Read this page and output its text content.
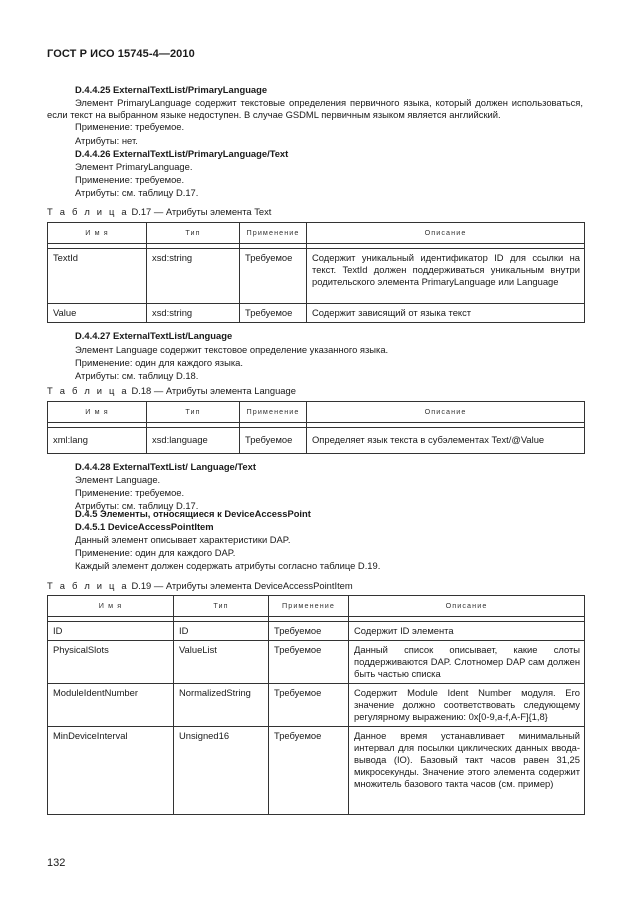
ГОСТ Р ИСО 15745-4—2010
D.4.4.25 ExternalTextList/PrimaryLanguage
Элемент PrimaryLanguage содержит текстовые определения первичного языка, который должен использоваться, если текст на выбранном языке недоступен. В случае GSDML первичным языком является английский.
Применение: требуемое.
Атрибуты: нет.
D.4.4.26 ExternalTextList/PrimaryLanguage/Text
Элемент PrimaryLanguage.
Применение: требуемое.
Атрибуты: см. таблицу D.17.
Т а б л и ц а D.17 — Атрибуты элемента Text
И м я	Тип	Применение	Описание

TextId	xsd:string	Требуемое	Содержит уникальный идентификатор ID для ссылки на текст. TextId должен поддерживаться уникальным внутри родительского элемента PrimaryLanguage или Language
Value	xsd:string	Требуемое	Содержит зависящий от языка текст
D.4.4.27 ExternalTextList/Language
Элемент Language содержит текстовое определение указанного языка.
Применение: один для каждого языка.
Атрибуты: см. таблицу D.18.
Т а б л и ц а D.18 — Атрибуты элемента Language
И м я	Тип	Применение	Описание

xml:lang	xsd:language	Требуемое	Определяет язык текста в субэлементах Text/@Value
D.4.4.28 ExternalTextList/ Language/Text
Элемент Language.
Применение: требуемое.
Атрибуты: см. таблицу D.17.
D.4.5 Элементы, относящиеся к DeviceAccessPoint
D.4.5.1 DeviceAccessPointItem
Данный элемент описывает характеристики DAP.
Применение: один для каждого DAP.
Каждый элемент должен содержать атрибуты согласно таблице D.19.
Т а б л и ц а D.19 — Атрибуты элемента DeviceAccessPointItem
И м я	Тип	Применение	Описание

ID	ID	Требуемое	Содержит ID элемента
PhysicalSlots	ValueList	Требуемое	Данный список описывает, какие слоты поддерживаются DAP. Слотномер DAP сам должен быть частью списка
ModuleIdentNumber	NormalizedString	Требуемое	Содержит Module Ident Number модуля. Его значение должно соответствовать следующему регулярному выражению: 0x[0-9,a-f,A-F]{1,8}
MinDeviceInterval	Unsigned16	Требуемое	Данное время устанавливает минимальный интервал для посылки циклических данных ввода-вывода (IO). Базовый такт часов равен 31,25 микросекунды. Значение этого элемента содержит множитель базового такта часов (см. пример)
132
